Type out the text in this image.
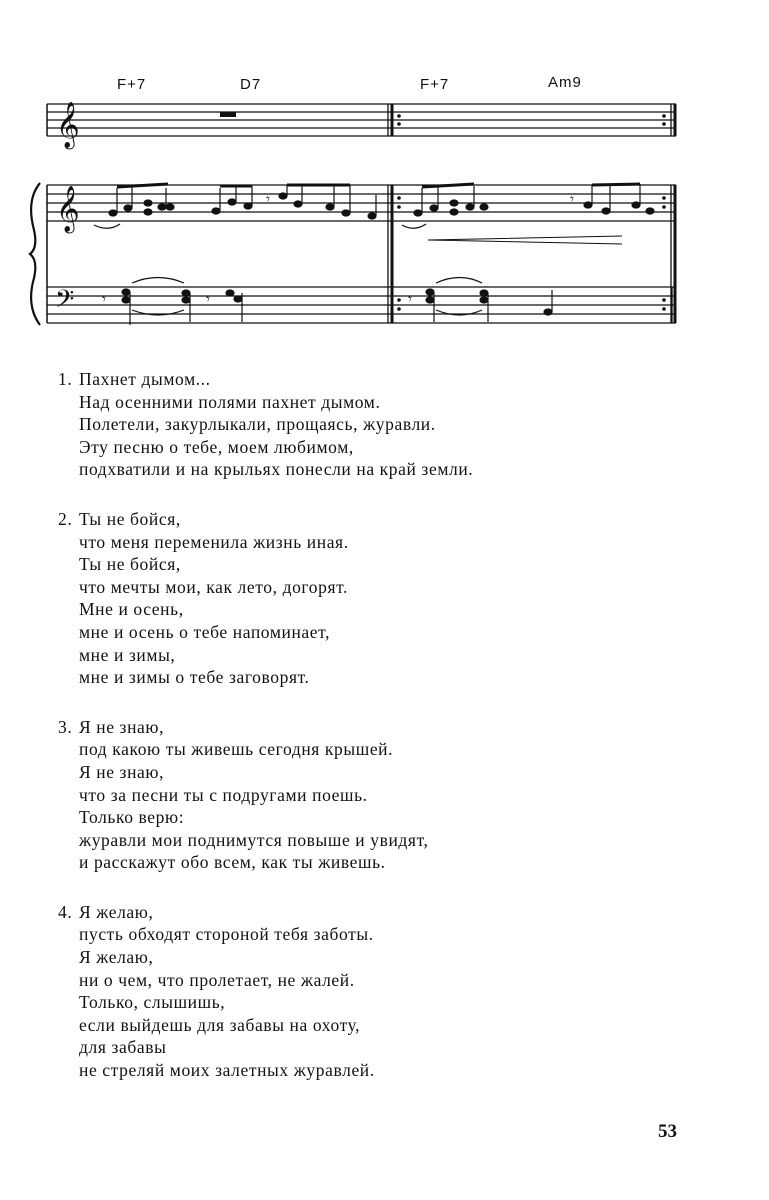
F+7	D7	F+7	Am9
𝄞
𝄞
𝄢 𝄾	𝄾	𝄾
𝄾	𝄾
1. Пахнет дымом...
Над осенними полями пахнет дымом.
Полетели, закурлыкали, прощаясь, журавли.
Эту песню о тебе, моем любимом,
подхватили и на крыльях понесли на край земли.
2. Ты не бойся,
что меня переменила жизнь иная.
Ты не бойся,
что мечты мои, как лето, догорят.
Мне и осень,
мне и осень о тебе напоминает,
мне и зимы,
мне и зимы о тебе заговорят.
3. Я не знаю,
под какою ты живешь сегодня крышей.
Я не знаю,
что за песни ты с подругами поешь.
Только верю:
журавли мои поднимутся повыше и увидят,
и расскажут обо всем, как ты живешь.
4. Я желаю,
пусть обходят стороной тебя заботы.
Я желаю,
ни о чем, что пролетает, не жалей.
Только, слышишь,
если выйдешь для забавы на охоту,
для забавы
не стреляй моих залетных журавлей.
53
